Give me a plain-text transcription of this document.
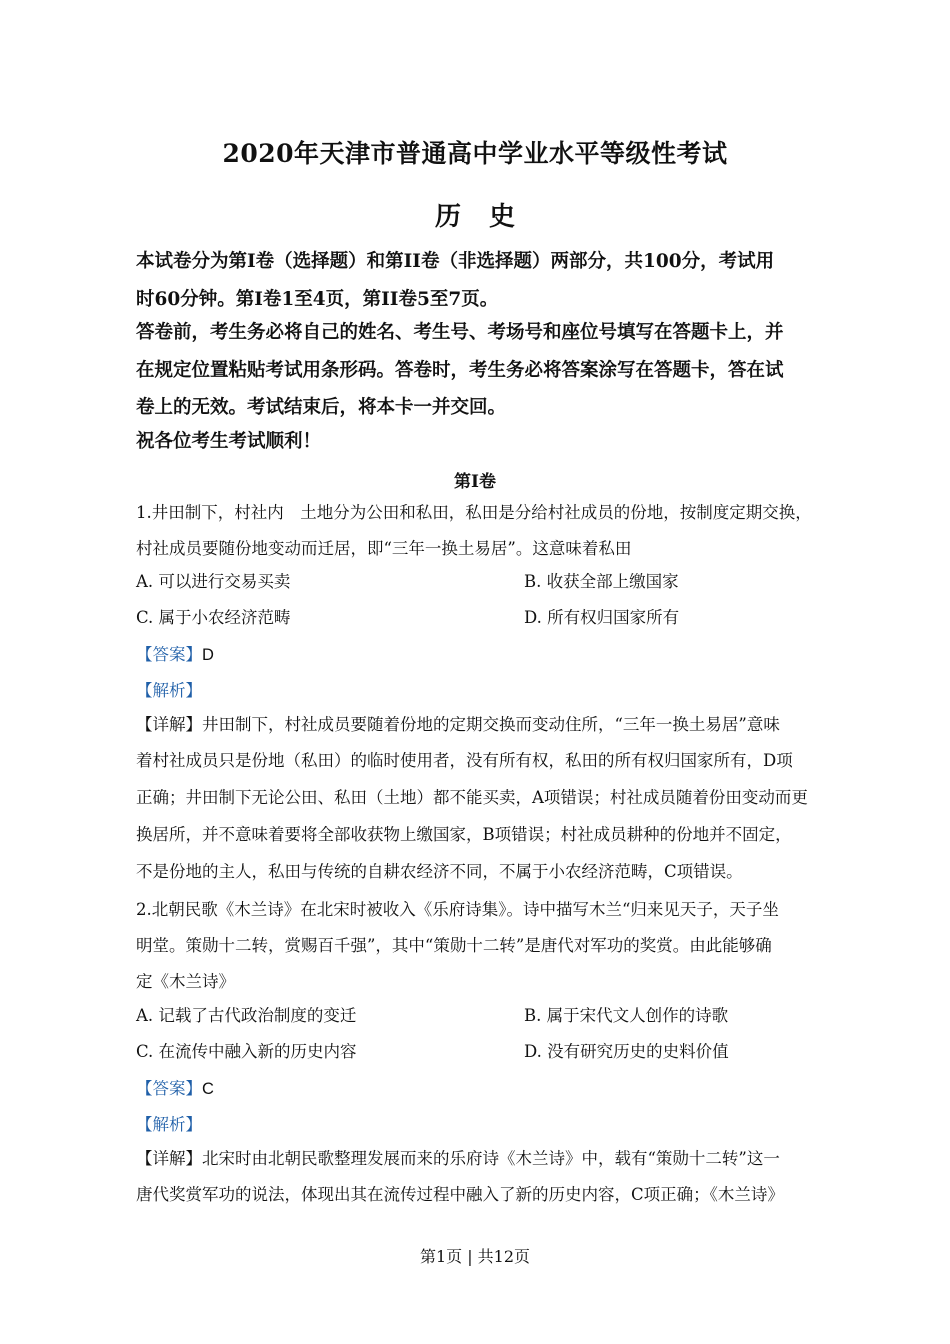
2020年天津市普通高中学业水平等级性考试
历史
本试卷分为第Ⅰ卷（选择题）和第II卷（非选择题）两部分，共100分，考试用
时60分钟。第Ⅰ卷1至4页，第II卷5至7页。
答卷前，考生务必将自己的姓名、考生号、考场号和座位号填写在答题卡上，并
在规定位置粘贴考试用条形码。答卷时，考生务必将答案涂写在答题卡，答在试
卷上的无效。考试结束后，将本卡一并交回。
祝各位考生考试顺利！
第Ⅰ卷
1.井田制下，村社内　土地分为公田和私田，私田是分给村社成员的份地，按制度定期交换，
村社成员要随份地变动而迁居，即“三年一换土易居”。这意味着私田
A. 可以进行交易买卖	B. 收获全部上缴国家
C. 属于小农经济范畴	D. 所有权归国家所有
【答案】D
【解析】
【详解】井田制下，村社成员要随着份地的定期交换而变动住所，“三年一换土易居”意味
着村社成员只是份地（私田）的临时使用者，没有所有权，私田的所有权归国家所有，D项
正确；井田制下无论公田、私田（土地）都不能买卖，A项错误；村社成员随着份田变动而更
换居所，并不意味着要将全部收获物上缴国家，B项错误；村社成员耕种的份地并不固定，
不是份地的主人，私田与传统的自耕农经济不同，不属于小农经济范畴，C项错误。
2.北朝民歌《木兰诗》在北宋时被收入《乐府诗集》。诗中描写木兰“归来见天子，天子坐
明堂。策勋十二转，赏赐百千强”，其中“策勋十二转”是唐代对军功的奖赏。由此能够确
定《木兰诗》
A. 记载了古代政治制度的变迁	B. 属于宋代文人创作的诗歌
C. 在流传中融入新的历史内容	D. 没有研究历史的史料价值
【答案】C
【解析】
【详解】北宋时由北朝民歌整理发展而来的乐府诗《木兰诗》中，载有“策勋十二转”这一
唐代奖赏军功的说法，体现出其在流传过程中融入了新的历史内容，C项正确；《木兰诗》
第1页 | 共12页
